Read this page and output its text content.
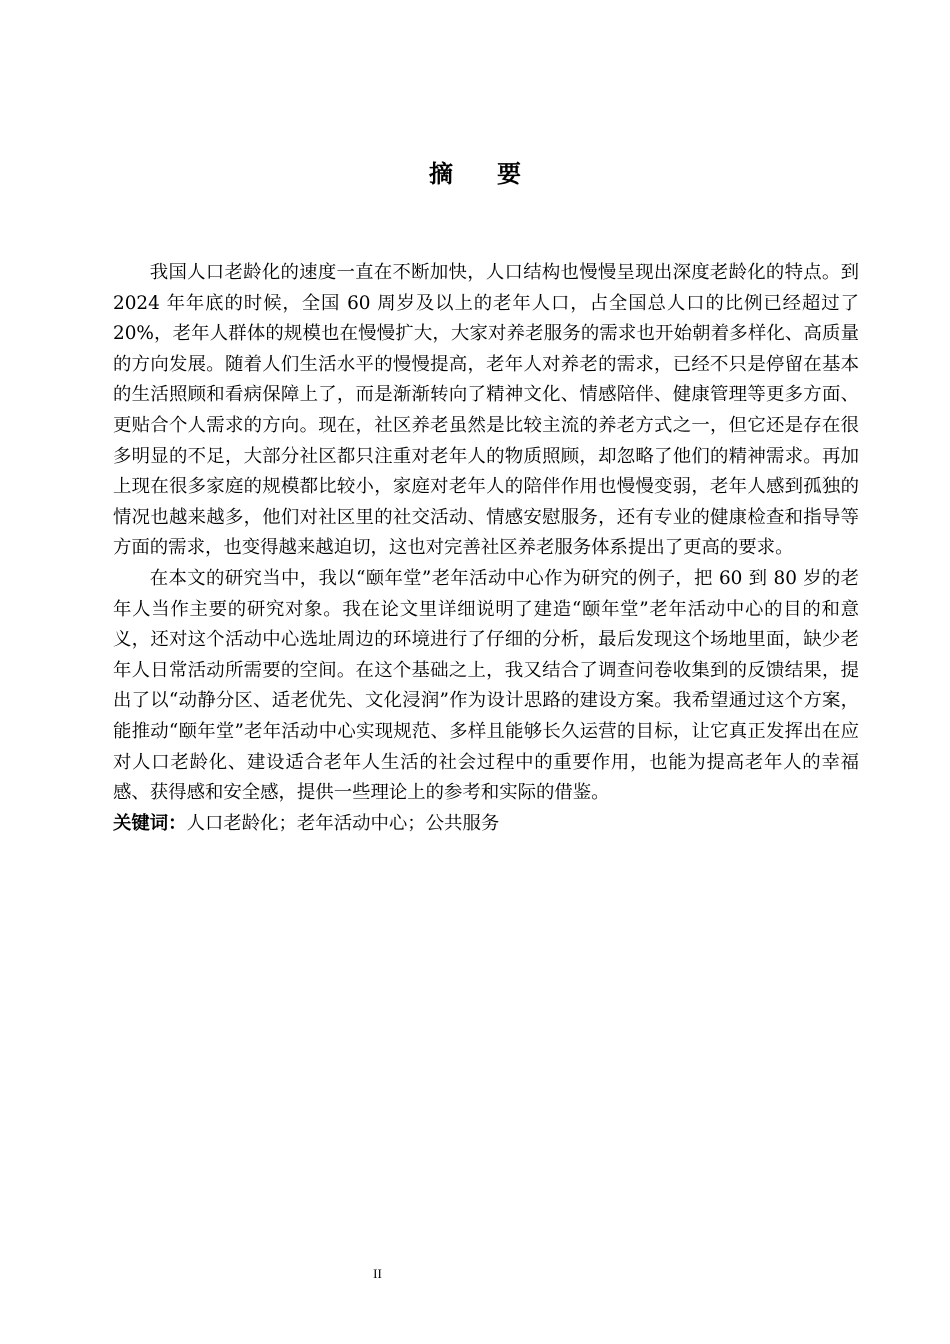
摘要

我国人口老龄化的速度一直在不断加快，人口结构也慢慢呈现出深度老龄化的特点。到 2024 年年底的时候，全国 60 周岁及以上的老年人口，占全国总人口的比例已经超过了 20%，老年人群体的规模也在慢慢扩大，大家对养老服务的需求也开始朝着多样化、高质量的方向发展。随着人们生活水平的慢慢提高，老年人对养老的需求，已经不只是停留在基本的生活照顾和看病保障上了，而是渐渐转向了精神文化、情感陪伴、健康管理等更多方面、更贴合个人需求的方向。现在，社区养老虽然是比较主流的养老方式之一，但它还是存在很多明显的不足，大部分社区都只注重对老年人的物质照顾，却忽略了他们的精神需求。再加上现在很多家庭的规模都比较小，家庭对老年人的陪伴作用也慢慢变弱，老年人感到孤独的情况也越来越多，他们对社区里的社交活动、情感安慰服务，还有专业的健康检查和指导等方面的需求，也变得越来越迫切，这也对完善社区养老服务体系提出了更高的要求。

在本文的研究当中，我以“颐年堂”老年活动中心作为研究的例子，把 60 到 80 岁的老年人当作主要的研究对象。我在论文里详细说明了建造“颐年堂”老年活动中心的目的和意义，还对这个活动中心选址周边的环境进行了仔细的分析，最后发现这个场地里面，缺少老年人日常活动所需要的空间。在这个基础之上，我又结合了调查问卷收集到的反馈结果，提出了以“动静分区、适老优先、文化浸润”作为设计思路的建设方案。我希望通过这个方案，能推动“颐年堂”老年活动中心实现规范、多样且能够长久运营的目标，让它真正发挥出在应对人口老龄化、建设适合老年人生活的社会过程中的重要作用，也能为提高老年人的幸福感、获得感和安全感，提供一些理论上的参考和实际的借鉴。

关键词：人口老龄化；老年活动中心；公共服务

II
